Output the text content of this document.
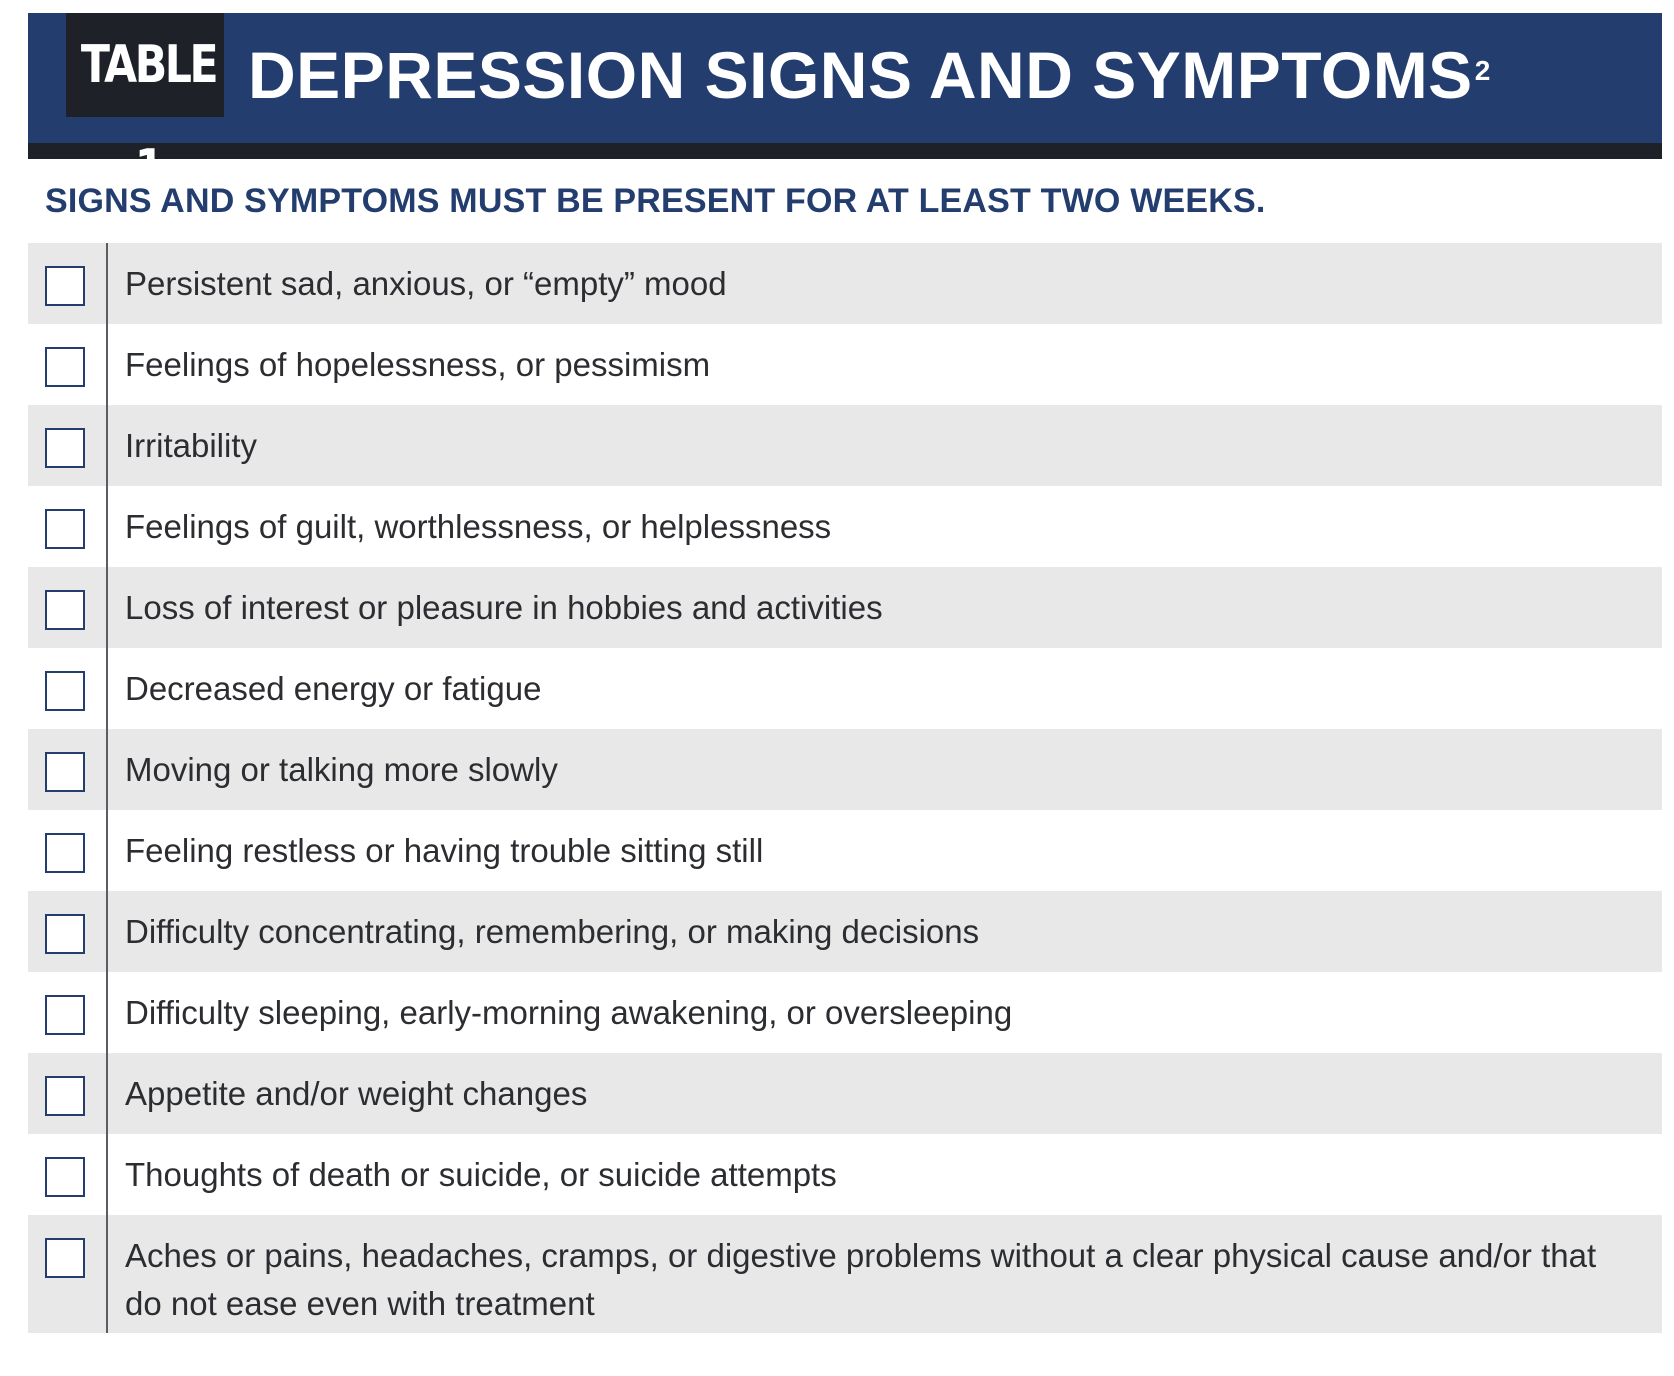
TABLE 1
DEPRESSION SIGNS AND SYMPTOMS$^2$
SIGNS AND SYMPTOMS MUST BE PRESENT FOR AT LEAST TWO WEEKS.
Persistent sad, anxious, or “empty” mood
Feelings of hopelessness, or pessimism
Irritability
Feelings of guilt, worthlessness, or helplessness
Loss of interest or pleasure in hobbies and activities
Decreased energy or fatigue
Moving or talking more slowly
Feeling restless or having trouble sitting still
Difficulty concentrating, remembering, or making decisions
Difficulty sleeping, early-morning awakening, or oversleeping
Appetite and/or weight changes
Thoughts of death or suicide, or suicide attempts
Aches or pains, headaches, cramps, or digestive problems without a clear physical cause and/or that do not ease even with treatment
